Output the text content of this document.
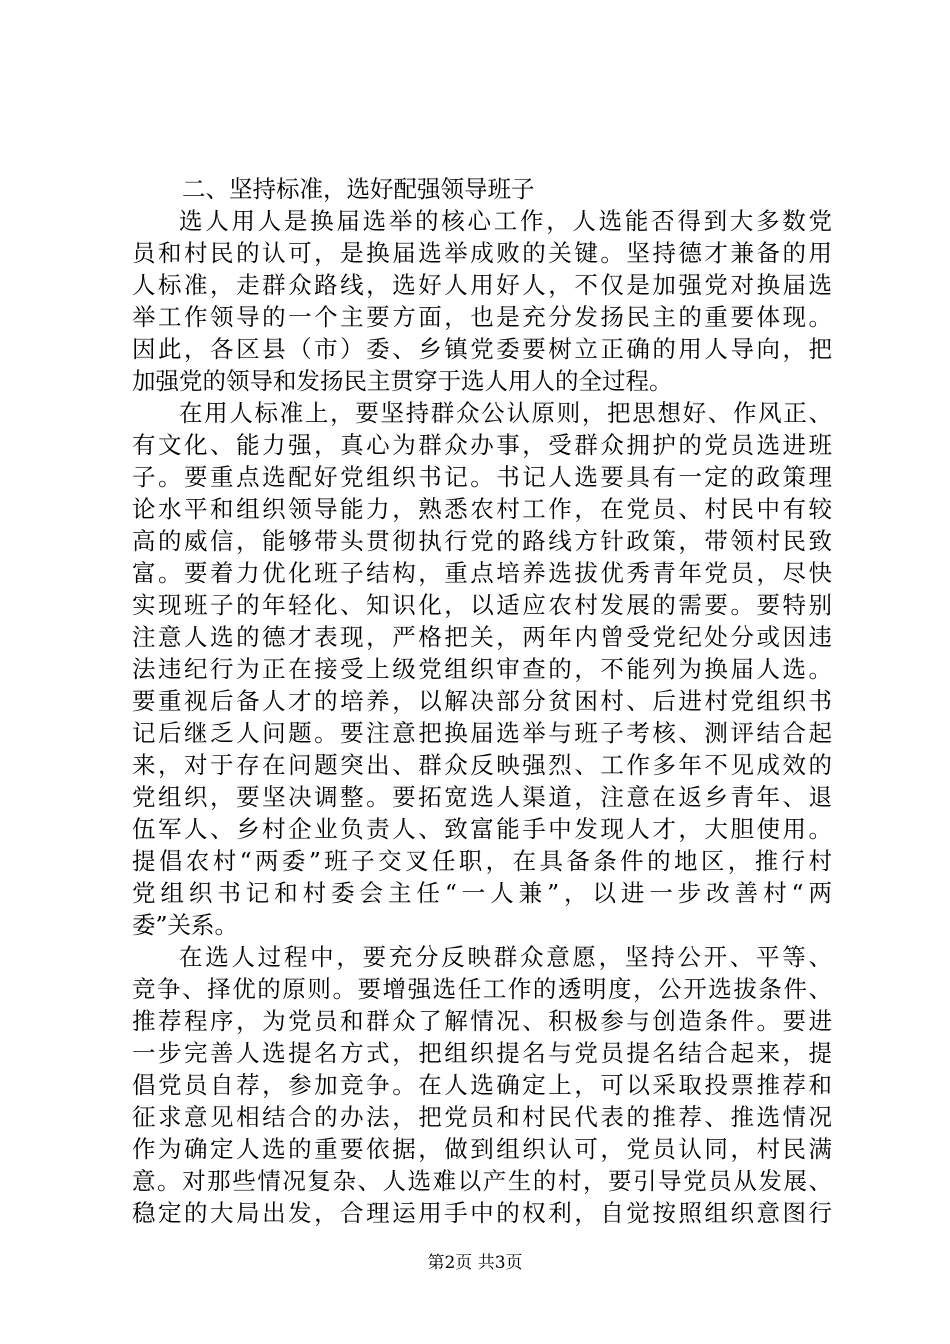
二、坚持标准，选好配强领导班子
选人用人是换届选举的核心工作，人选能否得到大多数党
员和村民的认可，是换届选举成败的关键。坚持德才兼备的用
人标准，走群众路线，选好人用好人，不仅是加强党对换届选
举工作领导的一个主要方面，也是充分发扬民主的重要体现。
因此，各区县（市）委、乡镇党委要树立正确的用人导向，把
加强党的领导和发扬民主贯穿于选人用人的全过程。
在用人标准上，要坚持群众公认原则，把思想好、作风正、
有文化、能力强，真心为群众办事，受群众拥护的党员选进班
子。要重点选配好党组织书记。书记人选要具有一定的政策理
论水平和组织领导能力，熟悉农村工作，在党员、村民中有较
高的威信，能够带头贯彻执行党的路线方针政策，带领村民致
富。要着力优化班子结构，重点培养选拔优秀青年党员，尽快
实现班子的年轻化、知识化，以适应农村发展的需要。要特别
注意人选的德才表现，严格把关，两年内曾受党纪处分或因违
法违纪行为正在接受上级党组织审查的，不能列为换届人选。
要重视后备人才的培养，以解决部分贫困村、后进村党组织书
记后继乏人问题。要注意把换届选举与班子考核、测评结合起
来，对于存在问题突出、群众反映强烈、工作多年不见成效的
党组织，要坚决调整。要拓宽选人渠道，注意在返乡青年、退
伍军人、乡村企业负责人、致富能手中发现人才，大胆使用。
提倡农村“两委”班子交叉任职，在具备条件的地区，推行村
党组织书记和村委会主任“一人兼”，以进一步改善村“两
委”关系。
在选人过程中，要充分反映群众意愿，坚持公开、平等、
竞争、择优的原则。要增强选任工作的透明度，公开选拔条件、
推荐程序，为党员和群众了解情况、积极参与创造条件。要进
一步完善人选提名方式，把组织提名与党员提名结合起来，提
倡党员自荐，参加竞争。在人选确定上，可以采取投票推荐和
征求意见相结合的办法，把党员和村民代表的推荐、推选情况
作为确定人选的重要依据，做到组织认可，党员认同，村民满
意。对那些情况复杂、人选难以产生的村，要引导党员从发展、
稳定的大局出发，合理运用手中的权利，自觉按照组织意图行
第2页 共3页
